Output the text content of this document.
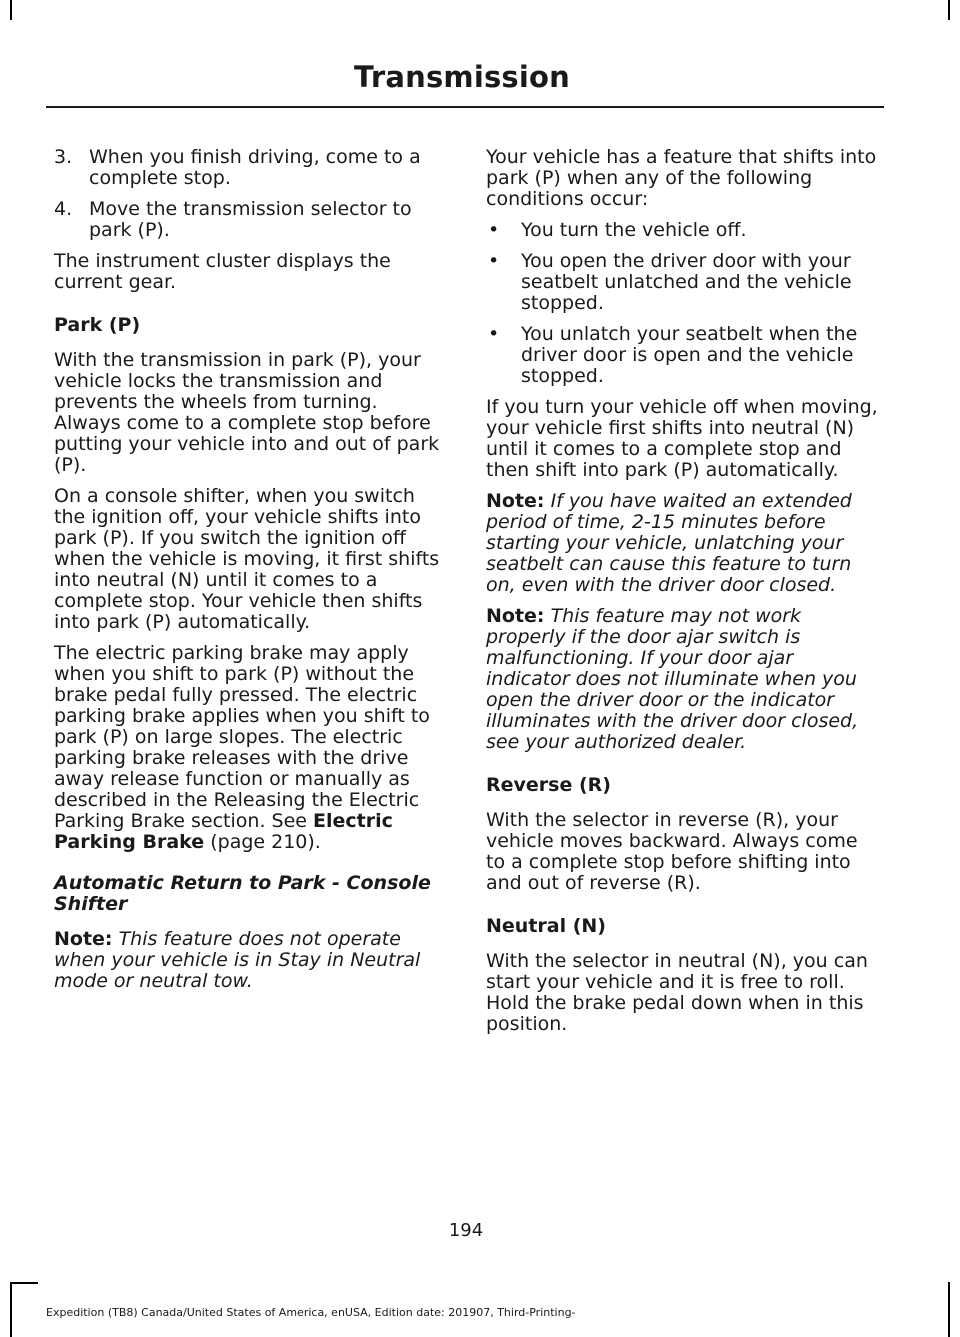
Transmission
3. When you finish driving, come to a complete stop.
4. Move the transmission selector to park (P).

The instrument cluster displays the current gear.

Park (P)

With the transmission in park (P), your vehicle locks the transmission and prevents the wheels from turning. Always come to a complete stop before putting your vehicle into and out of park (P).

On a console shifter, when you switch the ignition off, your vehicle shifts into park (P). If you switch the ignition off when the vehicle is moving, it first shifts into neutral (N) until it comes to a complete stop. Your vehicle then shifts into park (P) automatically.

The electric parking brake may apply when you shift to park (P) without the brake pedal fully pressed. The electric parking brake applies when you shift to park (P) on large slopes. The electric parking brake releases with the drive away release function or manually as described in the Releasing the Electric Parking Brake section. See Electric Parking Brake (page 210).

Automatic Return to Park - Console Shifter

Note: This feature does not operate when your vehicle is in Stay in Neutral mode or neutral tow.

Your vehicle has a feature that shifts into park (P) when any of the following conditions occur:

• You turn the vehicle off.
• You open the driver door with your seatbelt unlatched and the vehicle stopped.
• You unlatch your seatbelt when the driver door is open and the vehicle stopped.

If you turn your vehicle off when moving, your vehicle first shifts into neutral (N) until it comes to a complete stop and then shift into park (P) automatically.

Note: If you have waited an extended period of time, 2-15 minutes before starting your vehicle, unlatching your seatbelt can cause this feature to turn on, even with the driver door closed.

Note: This feature may not work properly if the door ajar switch is malfunctioning. If your door ajar indicator does not illuminate when you open the driver door or the indicator illuminates with the driver door closed, see your authorized dealer.

Reverse (R)

With the selector in reverse (R), your vehicle moves backward. Always come to a complete stop before shifting into and out of reverse (R).

Neutral (N)

With the selector in neutral (N), you can start your vehicle and it is free to roll. Hold the brake pedal down when in this position.

194
Expedition (TB8) Canada/United States of America, enUSA, Edition date: 201907, Third-Printing-
